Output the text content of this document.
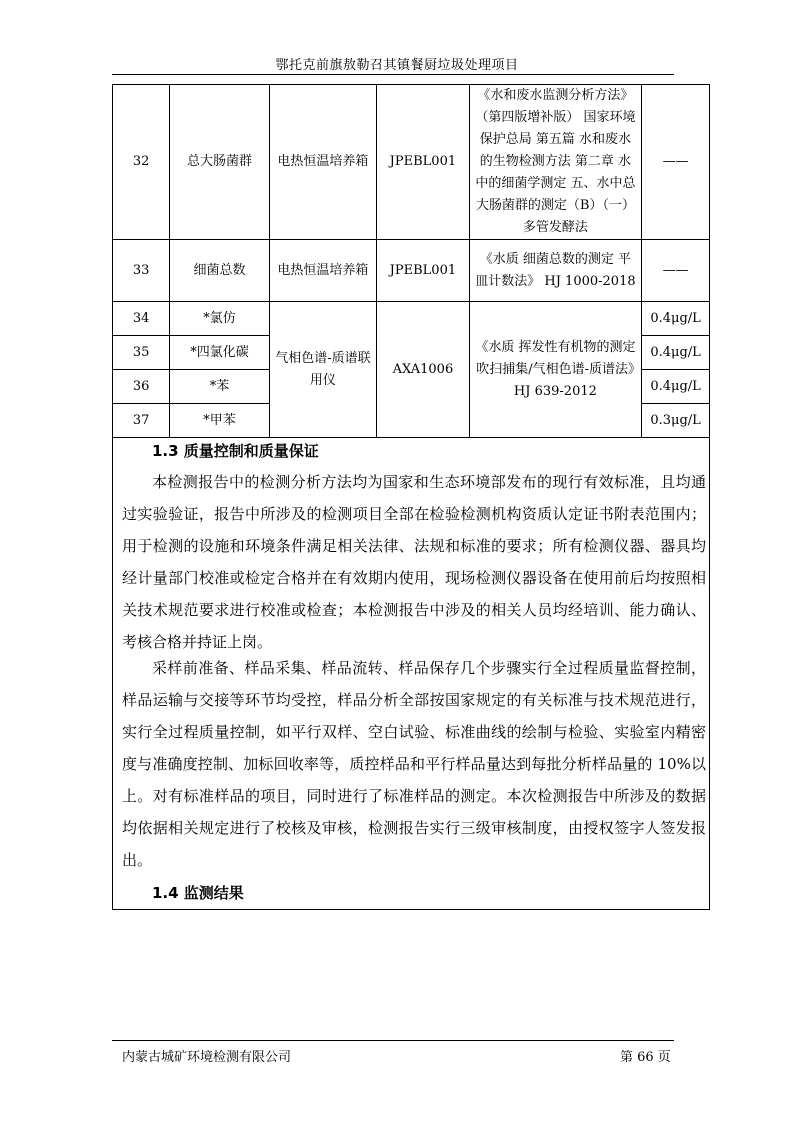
鄂托克前旗敖勒召其镇餐厨垃圾处理项目
32	总大肠菌群	电热恒温培养箱	JPEBL001	《水和废水监测分析方法》（第四版增补版） 国家环境保护总局 第五篇 水和废水的生物检测方法 第二章 水中的细菌学测定 五、水中总大肠菌群的测定（B）（一）多管发酵法	——
33	细菌总数	电热恒温培养箱	JPEBL001	《水质 细菌总数的测定 平皿计数法》 HJ 1000-2018	——
34	*氯仿	气相色谱-质谱联用仪	AXA1006	《水质 挥发性有机物的测定 吹扫捕集/气相色谱-质谱法》HJ 639-2012	0.4μg/L
35	*四氯化碳				0.4μg/L
36	*苯				0.4μg/L
37	*甲苯				0.3μg/L
1.3 质量控制和质量保证

本检测报告中的检测分析方法均为国家和生态环境部发布的现行有效标准，且均通过实验验证，报告中所涉及的检测项目全部在检验检测机构资质认定证书附表范围内；用于检测的设施和环境条件满足相关法律、法规和标准的要求；所有检测仪器、器具均经计量部门校准或检定合格并在有效期内使用，现场检测仪器设备在使用前后均按照相关技术规范要求进行校准或检查；本检测报告中涉及的相关人员均经培训、能力确认、考核合格并持证上岗。

采样前准备、样品采集、样品流转、样品保存几个步骤实行全过程质量监督控制，样品运输与交接等环节均受控，样品分析全部按国家规定的有关标准与技术规范进行，实行全过程质量控制，如平行双样、空白试验、标准曲线的绘制与检验、实验室内精密度与准确度控制、加标回收率等，质控样品和平行样品量达到每批分析样品量的 10%以上。对有标准样品的项目，同时进行了标准样品的测定。本次检测报告中所涉及的数据均依据相关规定进行了校核及审核，检测报告实行三级审核制度，由授权签字人签发报出。

1.4 监测结果
内蒙古城矿环境检测有限公司	第 66 页
